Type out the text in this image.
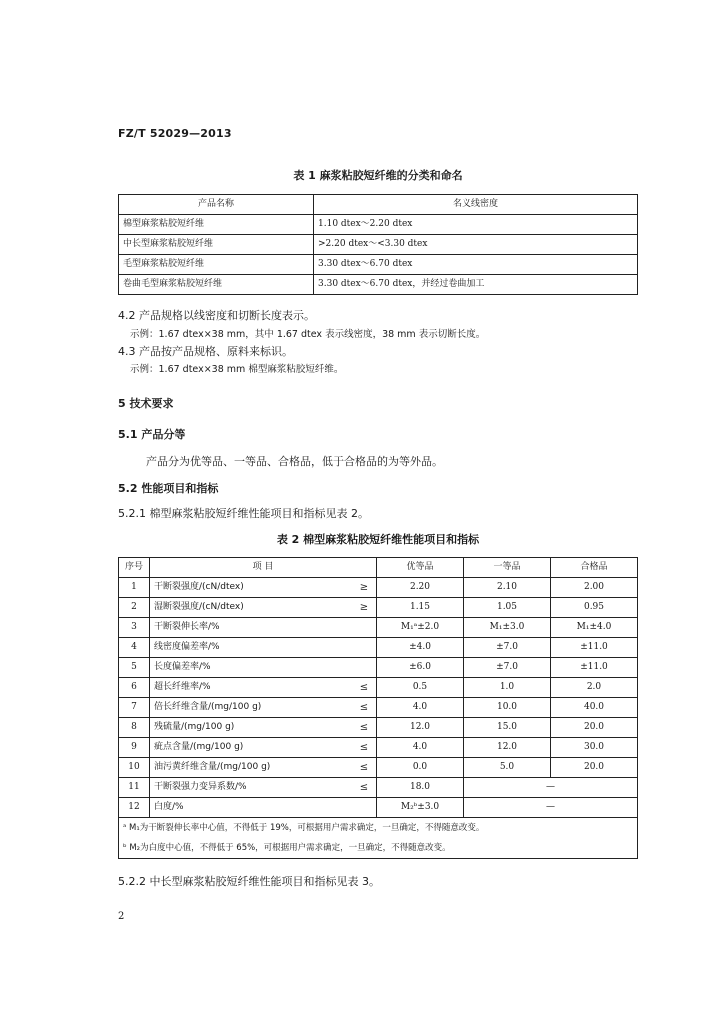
FZ/T 52029—2013
表 1 麻浆粘胶短纤维的分类和命名
产品名称	名义线密度
棉型麻浆粘胶短纤维	1.10 dtex～2.20 dtex
中长型麻浆粘胶短纤维	>2.20 dtex～<3.30 dtex
毛型麻浆粘胶短纤维	3.30 dtex～6.70 dtex
卷曲毛型麻浆粘胶短纤维	3.30 dtex～6.70 dtex，并经过卷曲加工
4.2 产品规格以线密度和切断长度表示。
示例：1.67 dtex×38 mm，其中 1.67 dtex 表示线密度，38 mm 表示切断长度。
4.3 产品按产品规格、原料来标识。
示例：1.67 dtex×38 mm 棉型麻浆粘胶短纤维。
5 技术要求
5.1 产品分等
产品分为优等品、一等品、合格品，低于合格品的为等外品。
5.2 性能项目和指标
5.2.1 棉型麻浆粘胶短纤维性能项目和指标见表 2。
表 2 棉型麻浆粘胶短纤维性能项目和指标
序号	项 目		优等品	一等品	合格品
1	干断裂强度/(cN/dtex)	≥	2.20	2.10	2.00
2	湿断裂强度/(cN/dtex)	≥	1.15	1.05	0.95
3	干断裂伸长率/%		M₁ᵃ±2.0	M₁±3.0	M₁±4.0
4	线密度偏差率/%		±4.0	±7.0	±11.0
5	长度偏差率/%		±6.0	±7.0	±11.0
6	超长纤维率/%	≤	0.5	1.0	2.0
7	倍长纤维含量/(mg/100 g)	≤	4.0	10.0	40.0
8	残硫量/(mg/100 g)	≤	12.0	15.0	20.0
9	疵点含量/(mg/100 g)	≤	4.0	12.0	30.0
10	油污黄纤维含量/(mg/100 g)	≤	0.0	5.0	20.0
11	干断裂强力变异系数/%	≤	18.0	—	
12	白度/%		M₂ᵇ±3.0	—	
ᵃ M₁为干断裂伸长率中心值，不得低于 19%，可根据用户需求确定，一旦确定，不得随意改变。					
ᵇ M₂为白度中心值，不得低于 65%，可根据用户需求确定，一旦确定，不得随意改变。					
5.2.2 中长型麻浆粘胶短纤维性能项目和指标见表 3。
2
